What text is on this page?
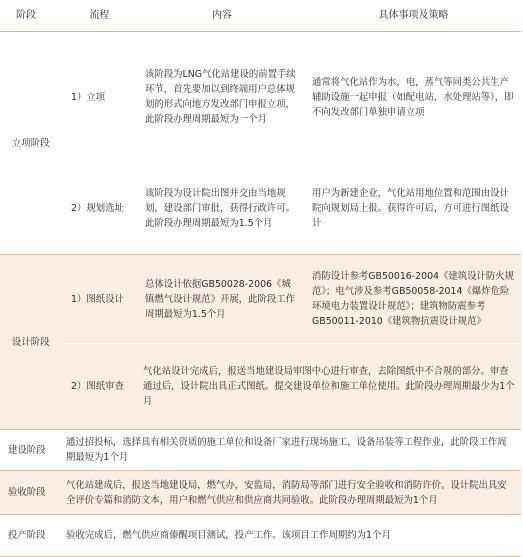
阶段	流程	内容	具体事项及策略
立项阶段	1）立项	该阶段为LNG气化站建设的前置手续环节，首先要加以到终端用户总体规划的形式向地方发改部门申报立项，此阶段办理周期最短为一个月	通常将气化站作为水，电，蒸气等同类公共生产辅助设施一起申报（如配电站，水处理站等），即不向发改部门单独申请立项
	2）规划选址	该阶段为设计院出图并交由当地规划，建设部门审批，获得行政许可。此阶段办理周期最短为1.5个月	用户为新建企业，气化站用地位置和范围由设计院向规划局上报。获得许可后，方可进行图纸设计
设计阶段	1）图纸设计	总体设计依据GB50028-2006《城镇燃气设计规范》开展，此阶段工作周期最短为1.5个月	消防设计参考GB50016-2004《建筑设计防火规范》；电气涉及参考GB50058-2014《爆炸危险环境电力装置设计规范》；建筑物防震参考GB50011-2010《建筑物抗震设计规范》
	2）图纸审查	气化站设计完成后，报送当地建设局审图中心进行审查，去除图纸中不合规的部分。审查通过后，设计院出具正式图纸。提交建设单位和施工单位使用。此阶段办理周期最少为1个月	
建设阶段	通过招投标，选择具有相关资质的施工单位和设备厂家进行现场施工，设备吊装等工程作业，此阶段工作周期最短为1个月		
验收阶段	气化站建成后，报送当地建设局，燃气办，安监局，消防局等部门进行安全验收和消防许价。设计院出具安全评价专篇和消防文本，用户和燃气供应和供应商共同验收。此阶段办理周期最短为1个月		
投产阶段	验收完成后，燃气供应商傣醒项目测试，投产工作。该项目工作周期约为1个月		
